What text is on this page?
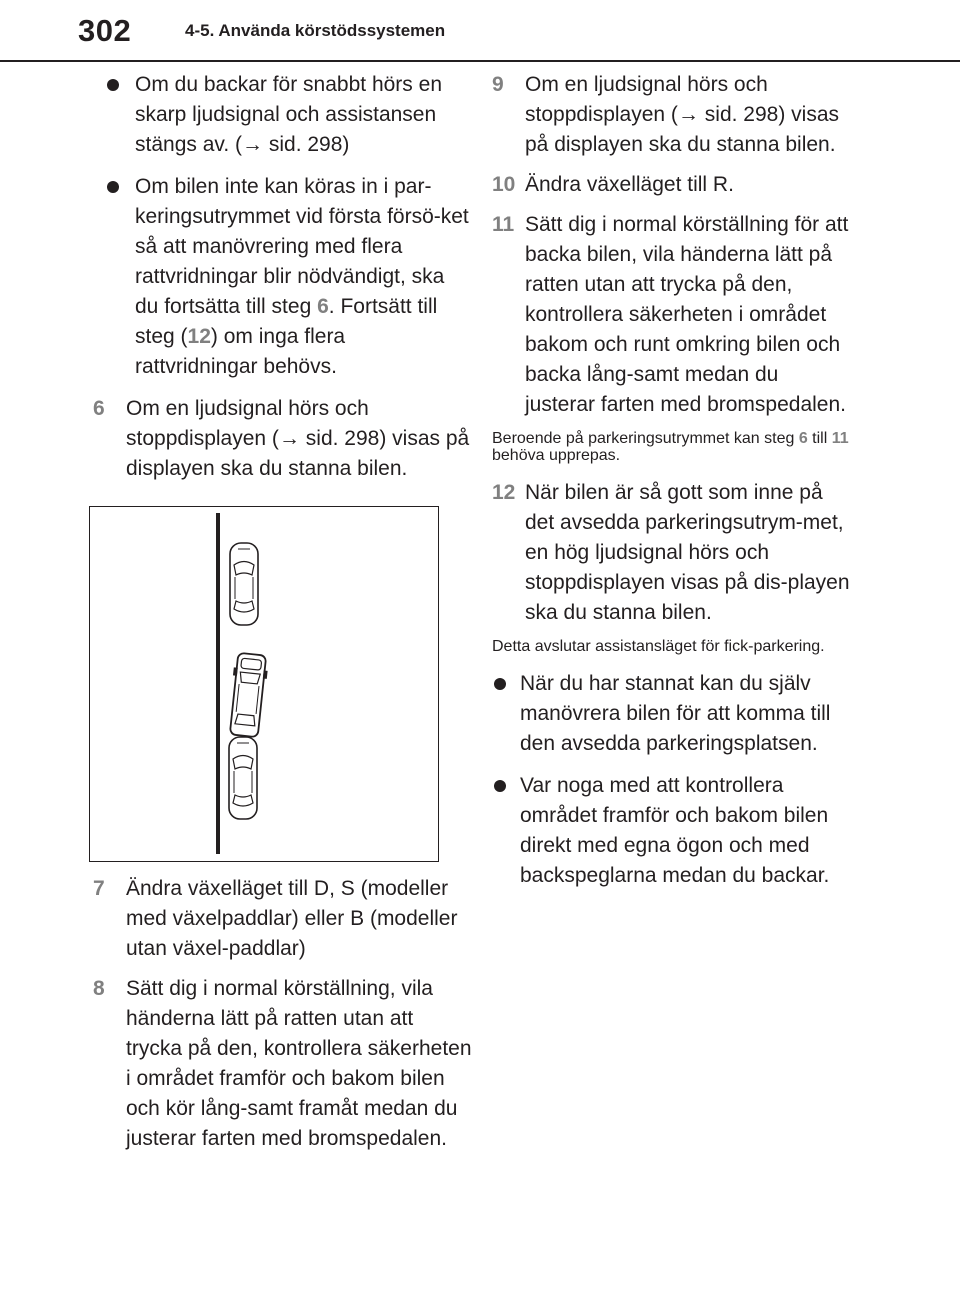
302	4-5. Använda körstödssystemen
Om du backar för snabbt hörs en skarp ljudsignal och assistansen stängs av. (→ sid. 298)
Om bilen inte kan köras in i par-keringsutrymmet vid första försö-ket så att manövrering med flera rattvridningar blir nödvändigt, ska du fortsätta till steg 6. Fortsätt till steg (12) om inga flera rattvridningar behövs.
6 Om en ljudsignal hörs och stoppdisplayen (→ sid. 298) visas på displayen ska du stanna bilen.
7 Ändra växelläget till D, S (modeller med växelpaddlar) eller B (modeller utan växel-paddlar)
8 Sätt dig i normal körställning, vila händerna lätt på ratten utan att trycka på den, kontrollera säkerheten i området framför och bakom bilen och kör lång-samt framåt medan du justerar farten med bromspedalen.
9 Om en ljudsignal hörs och stoppdisplayen (→ sid. 298) visas på displayen ska du stanna bilen.
10 Ändra växelläget till R.
11 Sätt dig i normal körställning för att backa bilen, vila händerna lätt på ratten utan att trycka på den, kontrollera säkerheten i området bakom och runt omkring bilen och backa lång-samt medan du justerar farten med bromspedalen.
Beroende på parkeringsutrymmet kan steg 6 till 11 behöva upprepas.
12 När bilen är så gott som inne på det avsedda parkeringsutrym-met, en hög ljudsignal hörs och stoppdisplayen visas på dis-playen ska du stanna bilen.
Detta avslutar assistansläget för fick-parkering.
När du har stannat kan du själv manövrera bilen för att komma till den avsedda parkeringsplatsen.
Var noga med att kontrollera området framför och bakom bilen direkt med egna ögon och med backspeglarna medan du backar.
